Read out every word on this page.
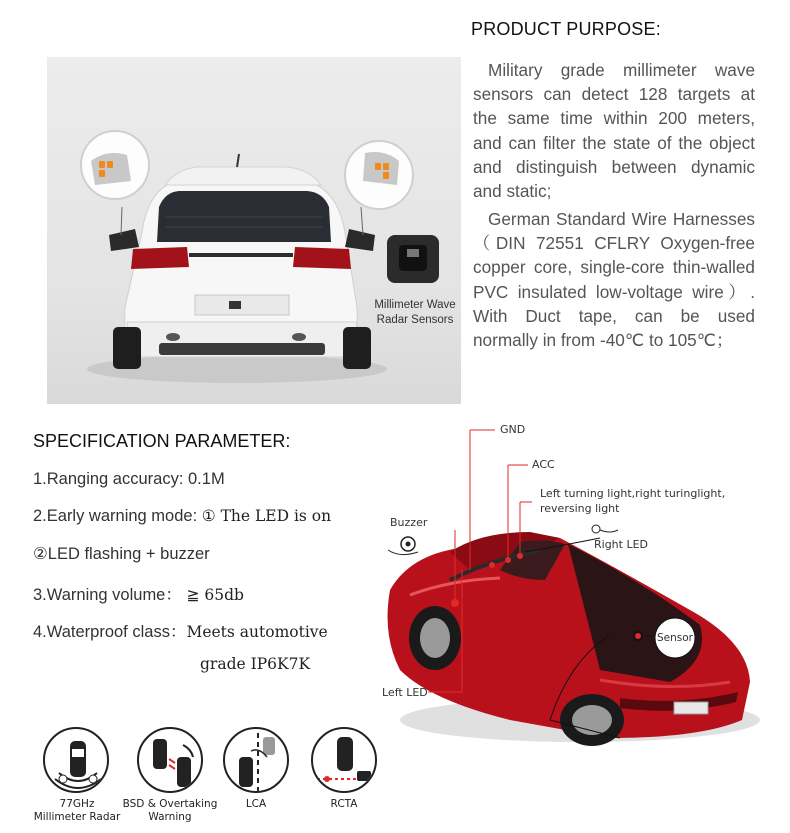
Millimeter Wave
Radar Sensors
PRODUCT PURPOSE:
Military grade millimeter wave sensors can detect 128 targets at the same time within 200 meters, and can filter the state of the object and distinguish between dynamic and static;
German Standard Wire Harnesses（DIN 72551 CFLRY Oxygen-free copper core, single-core thin-walled PVC insulated low-voltage wire）. With Duct tape, can be used normally in from -40℃ to 105℃；
SPECIFICATION PARAMETER:
1.Ranging accuracy: 0.1M
2.Early warning mode: ① The LED is on
②LED flashing + buzzer
3.Warning volume： ≧ 65db
4.Waterproof class：Meets automotive
grade IP6K7K
GND
ACC
Left turning light,right turinglight,
reversing light
Buzzer
Right LED
Sensor
Left LED
77GHz
Millimeter Radar
BSD & Overtaking
Warning
LCA	RCTA
